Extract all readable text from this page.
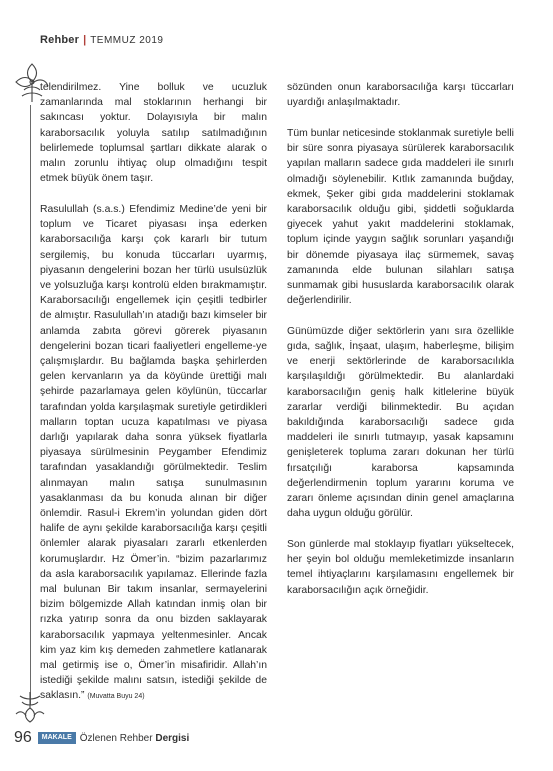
Rehber | TEMMUZ 2019

telendirilmez. Yine bolluk ve ucuzluk zamanlarında mal stoklarının herhangi bir sakıncası yoktur. Dolayısıyla bir malın karaborsacılık yoluyla satılıp satılmadığının belirlemede toplumsal şartları dikkate alarak o malın zorunlu ihtiyaç olup olmadığını tespit etmek büyük önem taşır.

Rasulullah (s.a.s.) Efendimiz Medine’de yeni bir toplum ve Ticaret piyasası inşa ederken karaborsacılığa karşı çok kararlı bir tutum sergilemiş, bu konuda tüccarları uyarmış, piyasanın dengelerini bozan her türlü usulsüzlük ve yolsuzluğa karşı kontrolü elden bırakmamıştır. Karaborsacılığı engellemek için çeşitli tedbirler de almıştır. Rasulullah’ın atadığı bazı kimseler bir anlamda zabıta görevi görerek piyasanın dengelerini bozan ticari faaliyetleri engelleme-ye çalışmışlardır. Bu bağlamda başka şehirlerden gelen kervanların ya da köyünde ürettiği malı şehirde pazarlamaya gelen köylünün, tüccarlar tarafından yolda karşılaşmak suretiyle getirdikleri malların toptan ucuza kapatılması ve piyasa darlığı yapılarak daha sonra yüksek fiyatlarla piyasaya sürülmesinin Peygamber Efendimiz tarafından yasaklandığı görülmektedir. Teslim alınmayan malın satışa sunulmasının yasaklanması da bu konuda alınan bir diğer önlemdir. Rasul-i Ekrem’in yolundan giden dört halife de aynı şekilde karaborsacılığa karşı çeşitli önlemler alarak piyasaları zararlı etkenlerden korumuşlardır. Hz Ömer’in. “bizim pazarlarımız da asla karaborsacılık yapılamaz. Ellerinde fazla mal bulunan Bir takım insanlar, sermayelerini bizim bölgemizde Allah katından inmiş olan bir rızka yatırıp sonra da onu bizden saklayarak karaborsacılık yapmaya yeltenmesinler. Ancak kim yaz kim kış demeden zahmetlere katlanarak mal getirmiş ise o, Ömer’in misafiridir. Allah’ın istediği şekilde malını satsın, istediği şekilde de saklasın.” (Muvatta Buyu 24)

sözünden onun karaborsacılığa karşı tüccarları uyardığı anlaşılmaktadır.

Tüm bunlar neticesinde stoklanmak suretiyle belli bir süre sonra piyasaya sürülerek karaborsacılık yapılan malların sadece gıda maddeleri ile sınırlı olmadığı söylenebilir. Kıtlık zamanında buğday, ekmek, Şeker gibi gıda maddelerini stoklamak karaborsacılık olduğu gibi, şiddetli soğuklarda giyecek yahut yakıt maddelerini stoklamak, toplum içinde yaygın sağlık sorunları yaşandığı bir dönemde piyasaya ilaç sürmemek, savaş zamanında elde bulunan silahları satışa sunmamak gibi hususlarda karaborsacılık olarak değerlendirilir.

Günümüzde diğer sektörlerin yanı sıra özellikle gıda, sağlık, İnşaat, ulaşım, haberleşme, bilişim ve enerji sektörlerinde de karaborsacılıkla karşılaşıldığı görülmektedir. Bu alanlardaki karaborsacılığın geniş halk kitlelerine büyük zararlar verdiği bilinmektedir. Bu açıdan bakıldığında karaborsacılığı sadece gıda maddeleri ile sınırlı tutmayıp, yasak kapsamını genişleterek topluma zararı dokunan her türlü fırsatçılığı karaborsa kapsamında değerlendirmenin toplum yararını koruma ve zararı önleme açısından dinin genel amaçlarına daha uygun olduğu görülür.

Son günlerde mal stoklayıp fiyatları yükseltecek, her şeyin bol olduğu memleketimizde insanların temel ihtiyaçlarını karşılamasını engellemek bir karaborsacılığın açık örneğidir.

96	MAKALE Özlenen Rehber Dergisi
